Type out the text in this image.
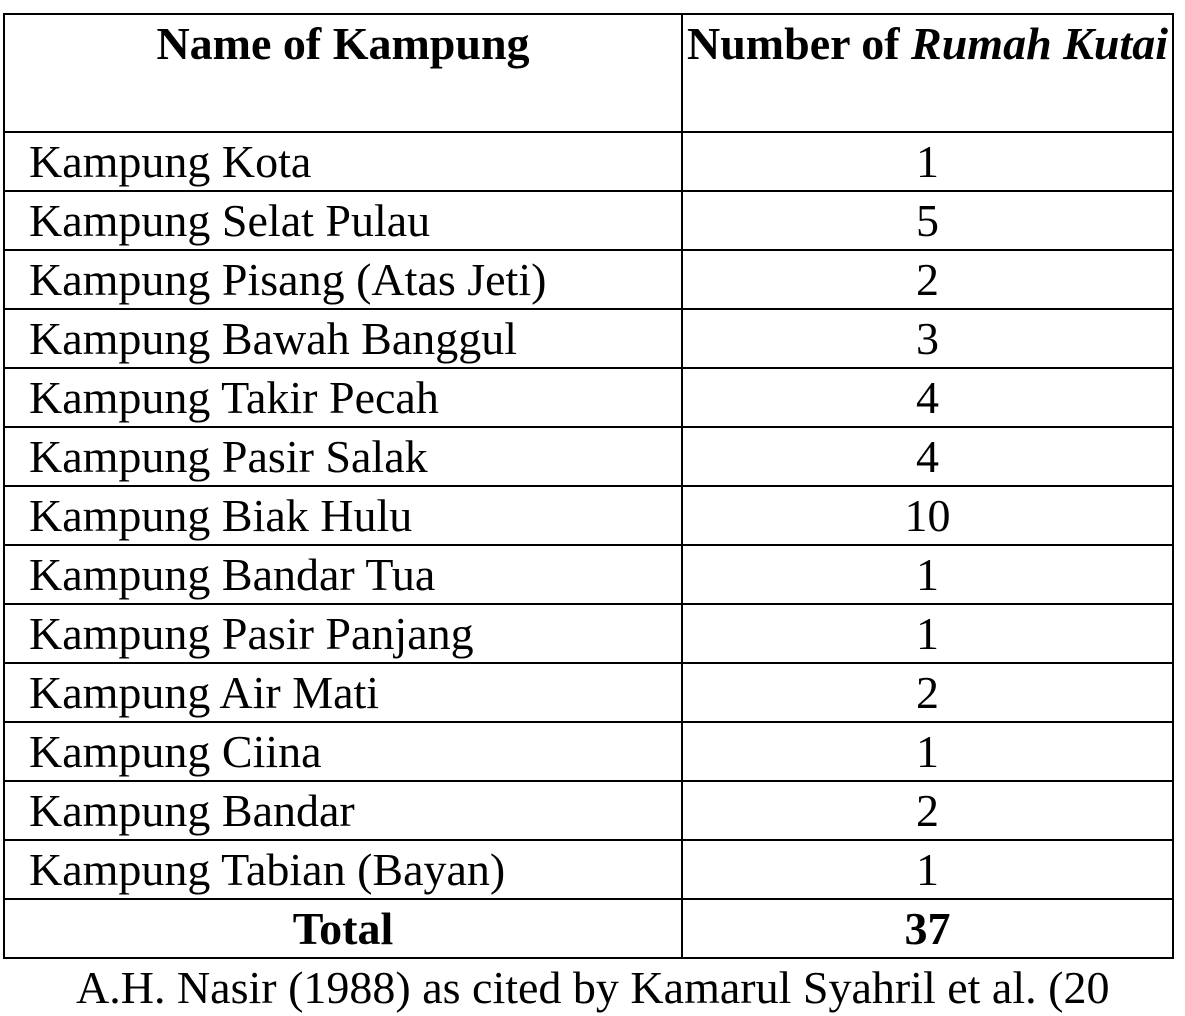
Name of Kampung	Number of Rumah Kutai
Kampung Kota	1
Kampung Selat Pulau	5
Kampung Pisang (Atas Jeti)	2
Kampung Bawah Banggul	3
Kampung Takir Pecah	4
Kampung Pasir Salak	4
Kampung Biak Hulu	10
Kampung Bandar Tua	1
Kampung Pasir Panjang	1
Kampung Air Mati	2
Kampung Ciina	1
Kampung Bandar	2
Kampung Tabian (Bayan)	1
Total	37
A.H. Nasir (1988) as cited by Kamarul Syahril et al. (20
